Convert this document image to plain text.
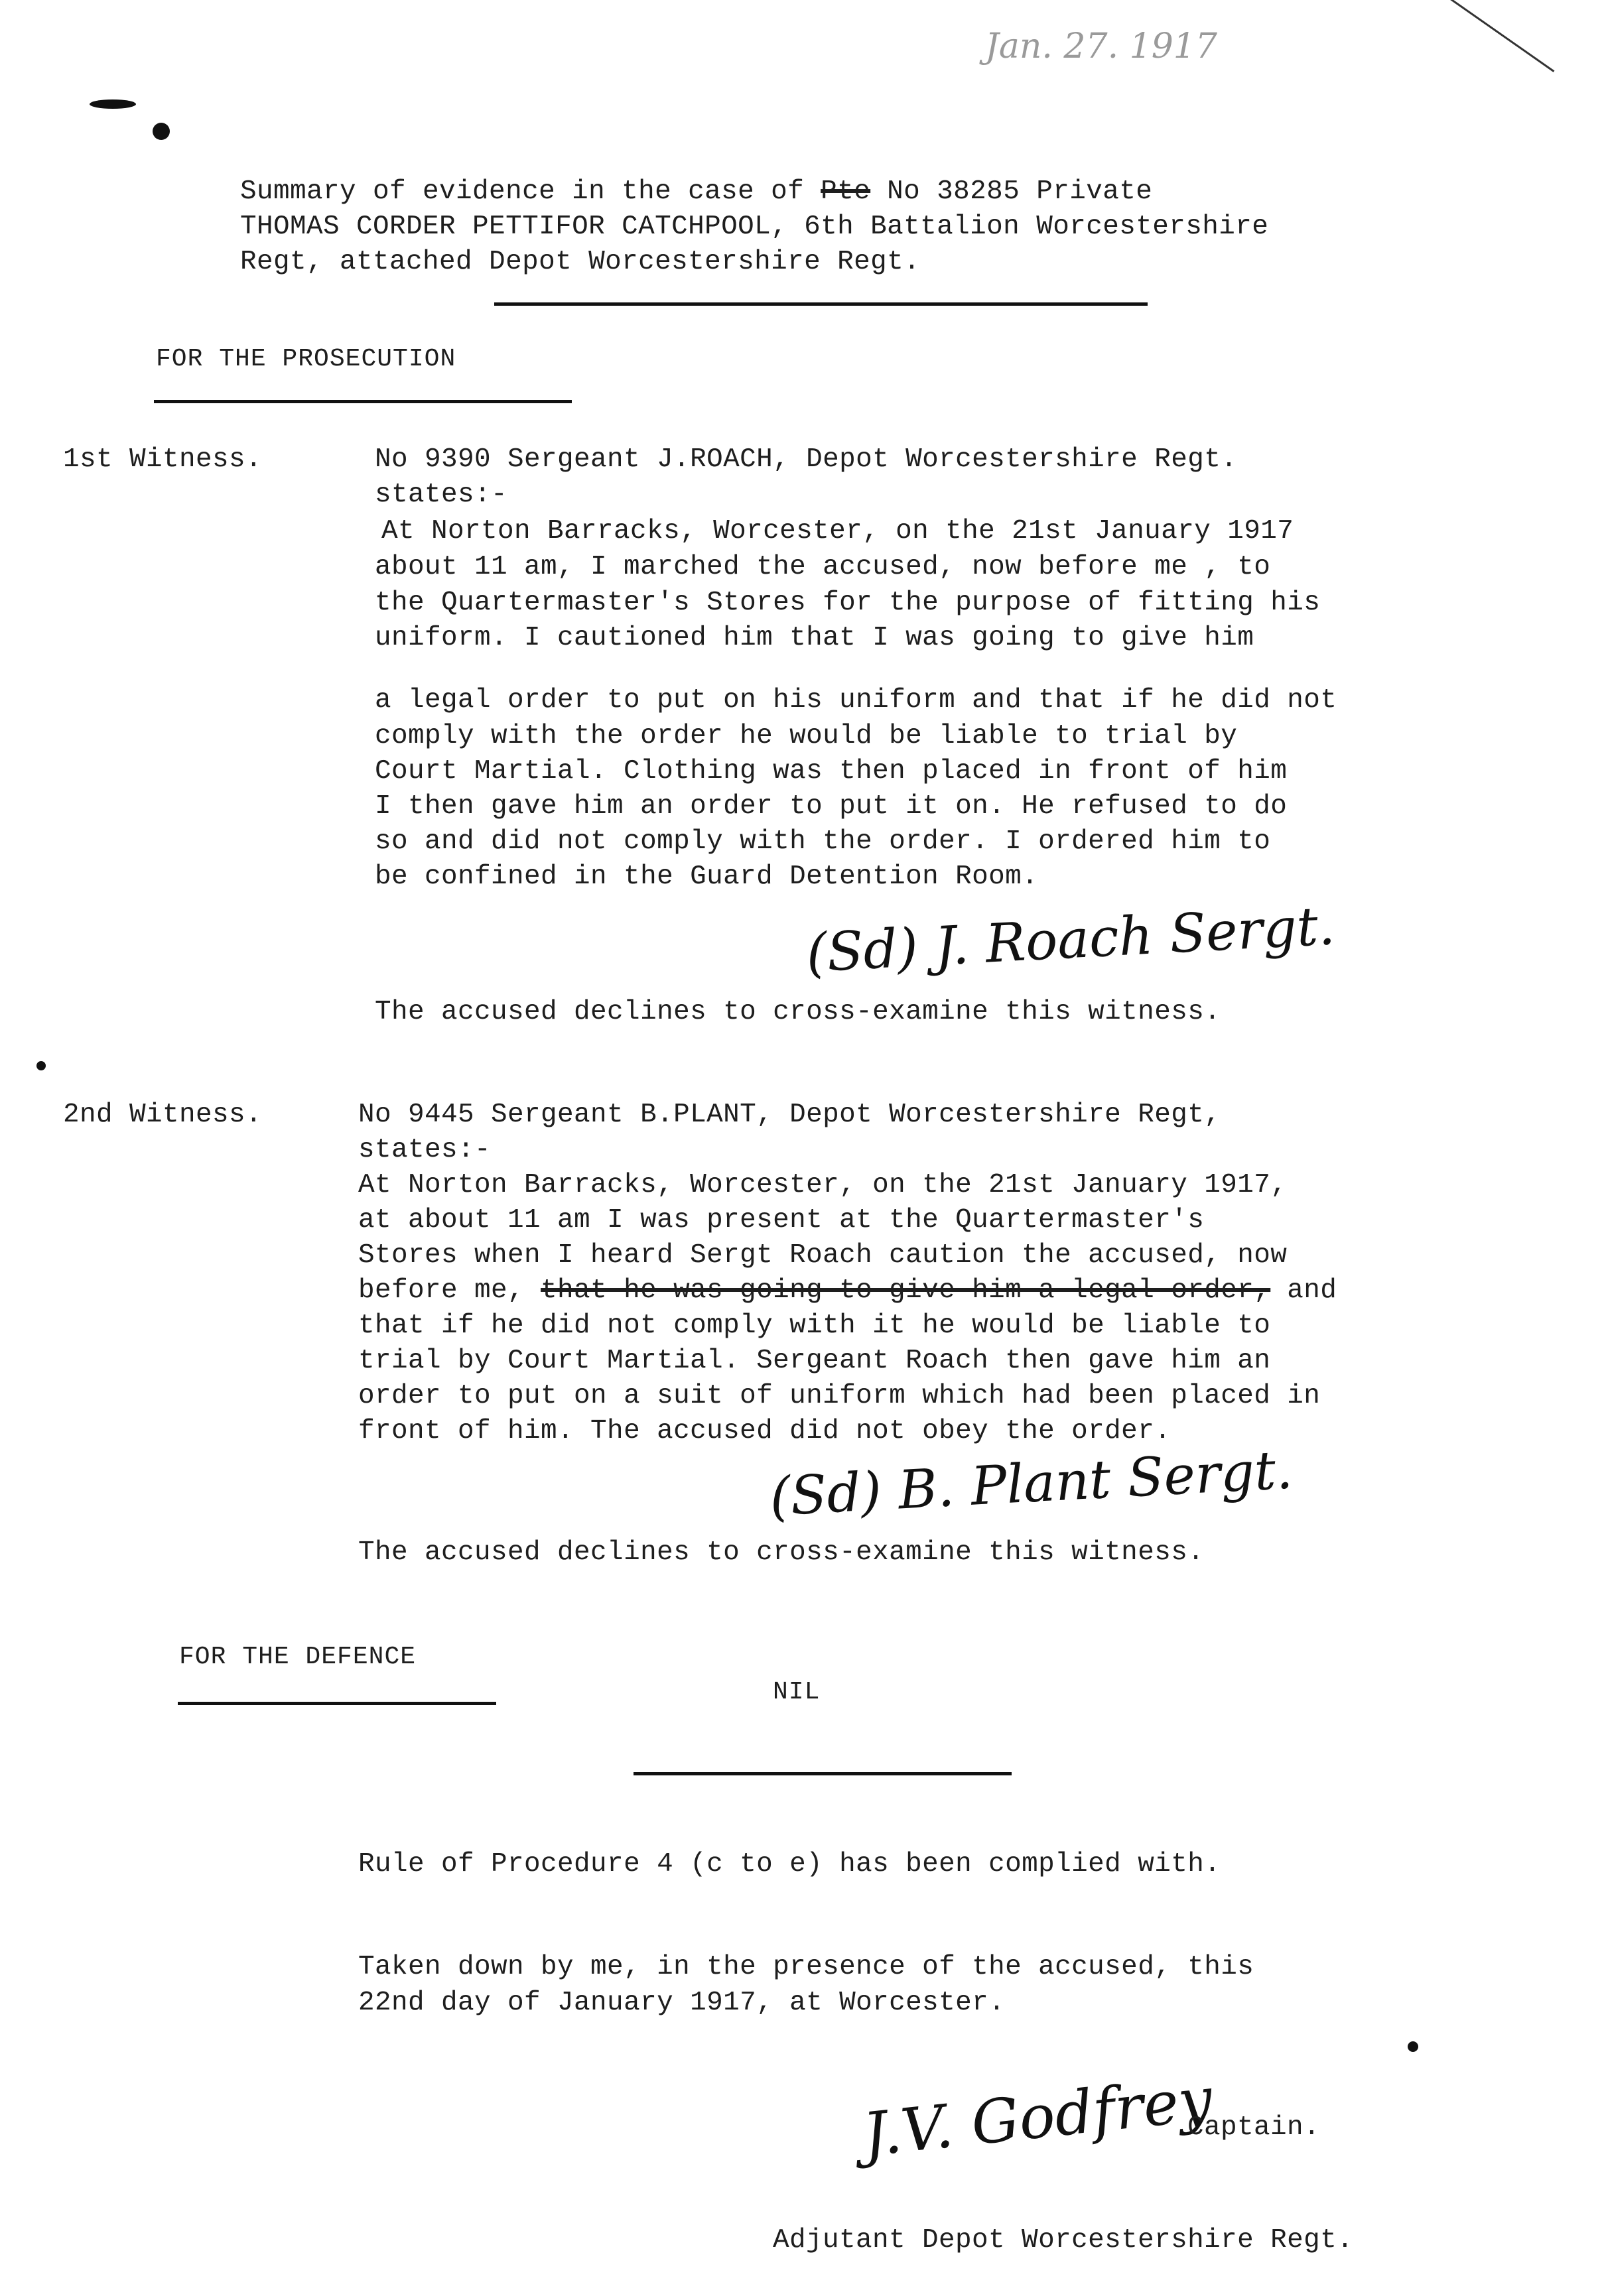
Jan. 27. 1917
Summary of evidence in the case of Pte No 38285 Private
THOMAS CORDER PETTIFOR CATCHPOOL, 6th Battalion Worcestershire
Regt, attached Depot Worcestershire Regt.
FOR THE PROSECUTION
1st Witness.	No 9390 Sergeant J.ROACH, Depot Worcestershire Regt.
states:-
At Norton Barracks, Worcester, on the 21st January 1917
about 11 am, I marched the accused, now before me , to
the Quartermaster's Stores for the purpose of fitting his
uniform. I cautioned him that I was going to give him
a legal order to put on his uniform and that if he did not
comply with the order he would be liable to trial by
Court Martial. Clothing was then placed in front of him
I then gave him an order to put it on. He refused to do
so and did not comply with the order. I ordered him to
be confined in the Guard Detention Room.
(Sd) J. Roach Sergt.
The accused declines to cross-examine this witness.
2nd Witness.	No 9445 Sergeant B.PLANT, Depot Worcestershire Regt,
states:-
At Norton Barracks, Worcester, on the 21st January 1917,
at about 11 am I was present at the Quartermaster's
Stores when I heard Sergt Roach caution the accused, now
before me, that he was going to give him a legal order, and
that if he did not comply with it he would be liable to
trial by Court Martial. Sergeant Roach then gave him an
order to put on a suit of uniform which had been placed in
front of him. The accused did not obey the order.
(Sd) B. Plant Sergt.
The accused declines to cross-examine this witness.
FOR THE DEFENCE
NIL
Rule of Procedure 4 (c to e) has been complied with.
Taken down by me, in the presence of the accused, this
22nd day of January 1917, at Worcester.
J.V. Godfrey
Captain.
Adjutant Depot Worcestershire Regt.
